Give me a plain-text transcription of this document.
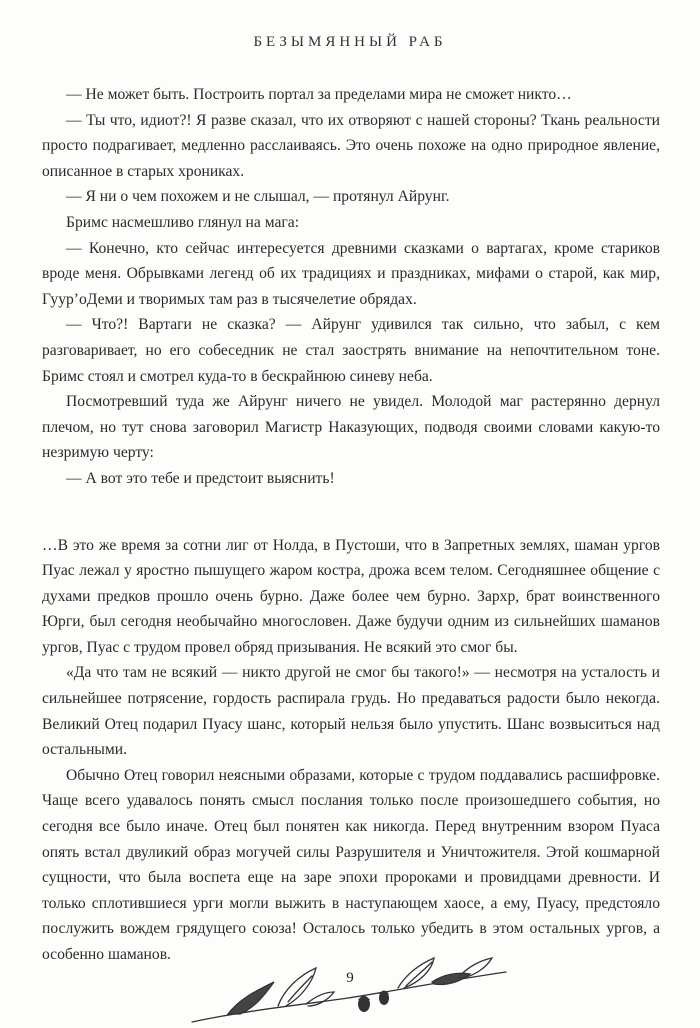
БЕЗЫМЯННЫЙ РАБ

— Не может быть. Построить портал за пределами мира не сможет никто…

— Ты что, идиот?! Я разве сказал, что их отворяют с нашей стороны? Ткань реальности просто подрагивает, медленно расслаиваясь. Это очень похоже на одно природное явление, описанное в старых хрониках.

— Я ни о чем похожем и не слышал, — протянул Айрунг.

Бримс насмешливо глянул на мага:

— Конечно, кто сейчас интересуется древними сказками о вартагах, кроме стариков вроде меня. Обрывками легенд об их традициях и праздниках, мифами о старой, как мир, Гуур’оДеми и творимых там раз в тысячелетие обрядах.

— Что?! Вартаги не сказка? — Айрунг удивился так сильно, что забыл, с кем разговаривает, но его собеседник не стал заострять внимание на непочтительном тоне. Бримс стоял и смотрел куда-то в бескрайнюю синеву неба.

Посмотревший туда же Айрунг ничего не увидел. Молодой маг растерянно дернул плечом, но тут снова заговорил Магистр Наказующих, подводя своими словами какую-то незримую черту:

— А вот это тебе и предстоит выяснить!

…В это же время за сотни лиг от Нолда, в Пустоши, что в Запретных землях, шаман ургов Пуас лежал у яростно пышущего жаром костра, дрожа всем телом. Сегодняшнее общение с духами предков прошло очень бурно. Даже более чем бурно. Зархр, брат воинственного Юрги, был сегодня необычайно многословен. Даже будучи одним из сильнейших шаманов ургов, Пуас с трудом провел обряд призывания. Не всякий это смог бы.

«Да что там не всякий — никто другой не смог бы такого!» — несмотря на усталость и сильнейшее потрясение, гордость распирала грудь. Но предаваться радости было некогда. Великий Отец подарил Пуасу шанс, который нельзя было упустить. Шанс возвыситься над остальными.

Обычно Отец говорил неясными образами, которые с трудом поддавались расшифровке. Чаще всего удавалось понять смысл послания только после произошедшего события, но сегодня все было иначе. Отец был понятен как никогда. Перед внутренним взором Пуаса опять встал двуликий образ могучей силы Разрушителя и Уничтожителя. Этой кошмарной сущности, что была воспета еще на заре эпохи пророками и провидцами древности. И только сплотившиеся урги могли выжить в наступающем хаосе, а ему, Пуасу, предстояло послужить вождем грядущего союза! Осталось только убедить в этом остальных ургов, а особенно шаманов.

9
